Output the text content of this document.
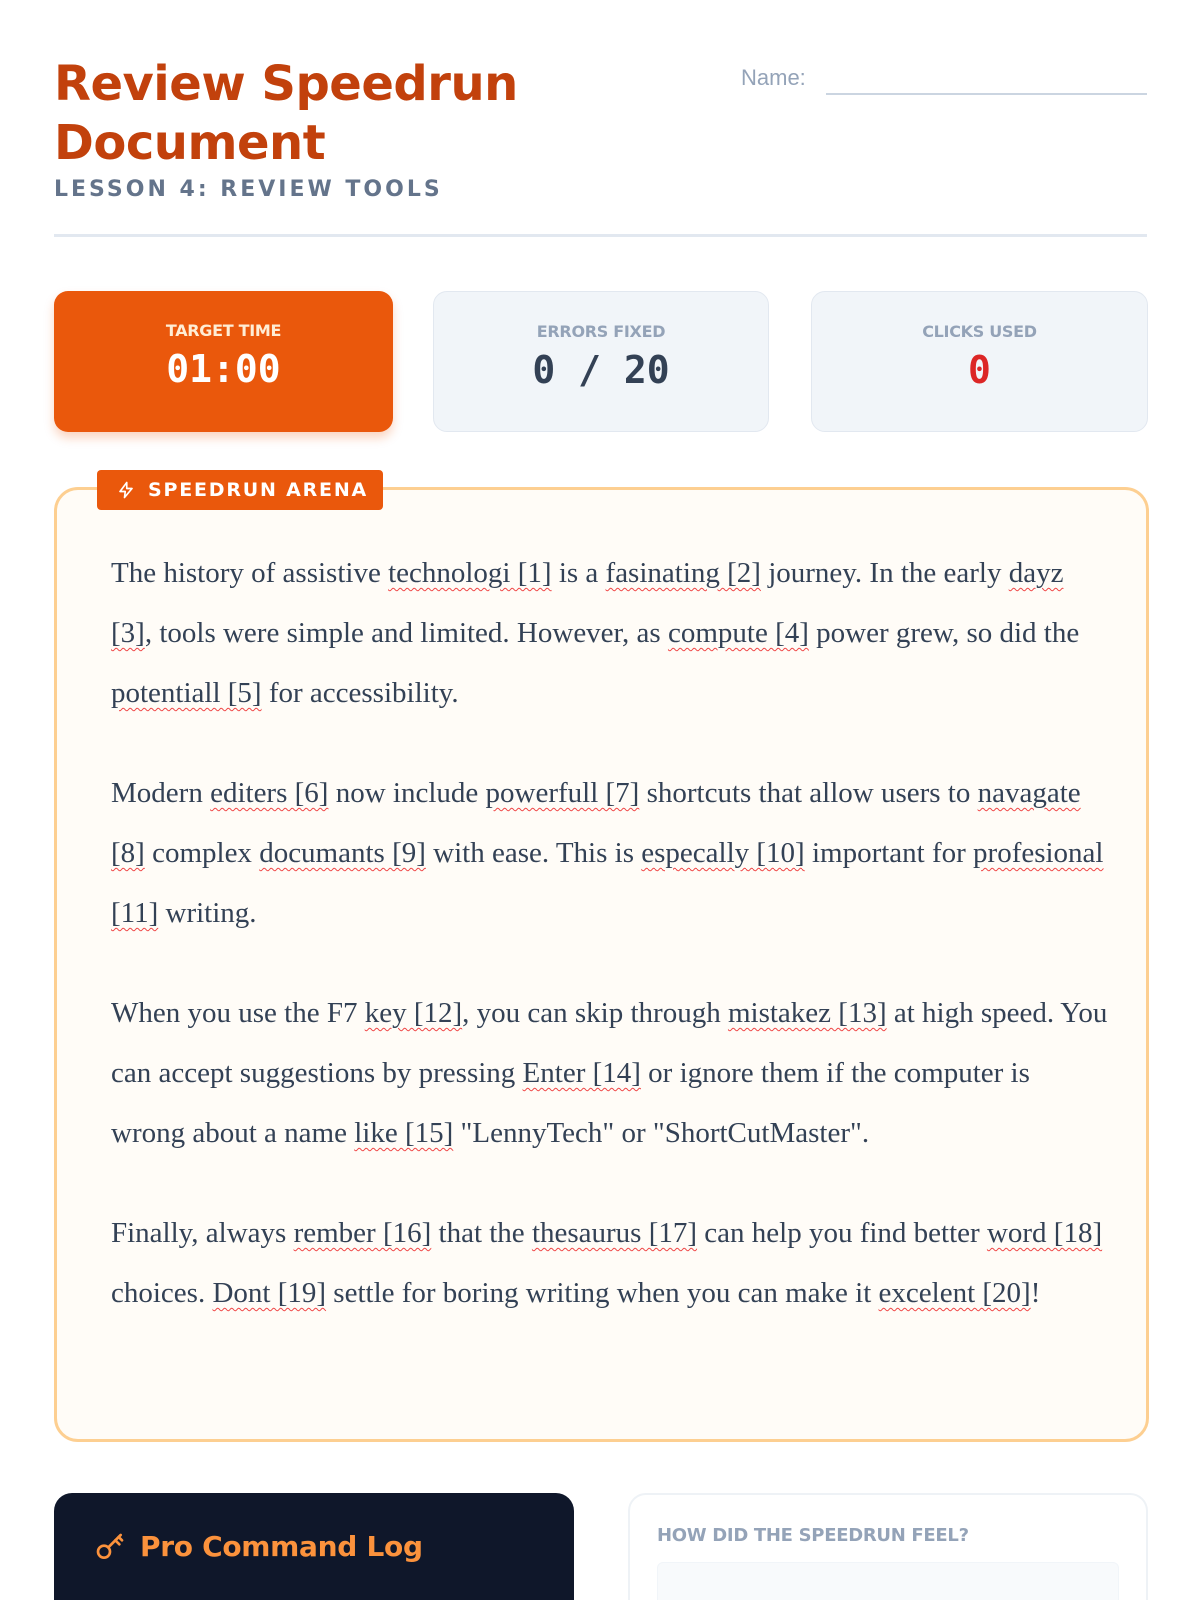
Review Speedrun Document
LESSON 4: REVIEW TOOLS
Name:
TARGET TIME
01:00
ERRORS FIXED
0 / 20
CLICKS USED
0
SPEEDRUN ARENA

The history of assistive technologi [1] is a fasinating [2] journey. In the early dayz [3], tools were simple and limited. However, as compute [4] power grew, so did the potentiall [5] for accessibility.

Modern editers [6] now include powerfull [7] shortcuts that allow users to navagate [8] complex documants [9] with ease. This is especally [10] important for profesional [11] writing.

When you use the F7 key [12], you can skip through mistakez [13] at high speed. You can accept suggestions by pressing Enter [14] or ignore them if the computer is wrong about a name like [15] "LennyTech" or "ShortCutMaster".

Finally, always rember [16] that the thesaurus [17] can help you find better word [18] choices. Dont [19] settle for boring writing when you can make it excelent [20]!

Pro Command Log	HOW DID THE SPEEDRUN FEEL?
